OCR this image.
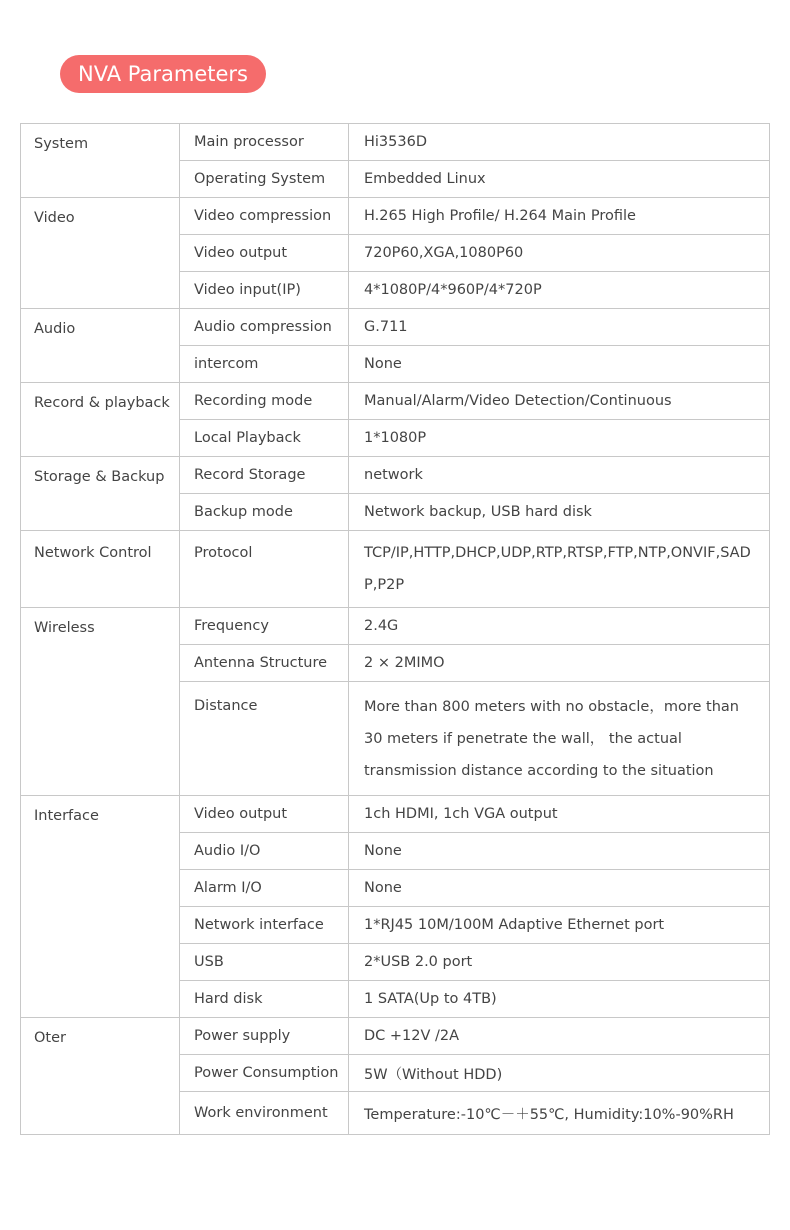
NVA Parameters
System	Main processor	Hi3536D
	Operating System	Embedded Linux
Video	Video compression	H.265 High Profile/ H.264 Main Profile
	Video output	720P60,XGA,1080P60
	Video input(IP)	4*1080P/4*960P/4*720P
Audio	Audio compression	G.711
	intercom	None
Record & playback	Recording mode	Manual/Alarm/Video Detection/Continuous
	Local Playback	1*1080P
Storage & Backup	Record Storage	network
	Backup mode	Network backup, USB hard disk
Network Control	Protocol	TCP/IP,HTTP,DHCP,UDP,RTP,RTSP,FTP,NTP,ONVIF,SADP,P2P
Wireless	Frequency	2.4G
	Antenna Structure	2 × 2MIMO
	Distance	More than 800 meters with no obstacle，more than 30 meters if penetrate the wall， the actual transmission distance according to the situation
Interface	Video output	1ch HDMI, 1ch VGA output
	Audio I/O	None
	Alarm I/O	None
	Network interface	1*RJ45 10M/100M Adaptive Ethernet port
	USB	2*USB 2.0 port
	Hard disk	1 SATA(Up to 4TB)
Oter	Power supply	DC +12V /2A
	Power Consumption	5W（Without HDD)
	Work environment	Temperature:-10℃－＋55℃, Humidity:10%-90%RH
